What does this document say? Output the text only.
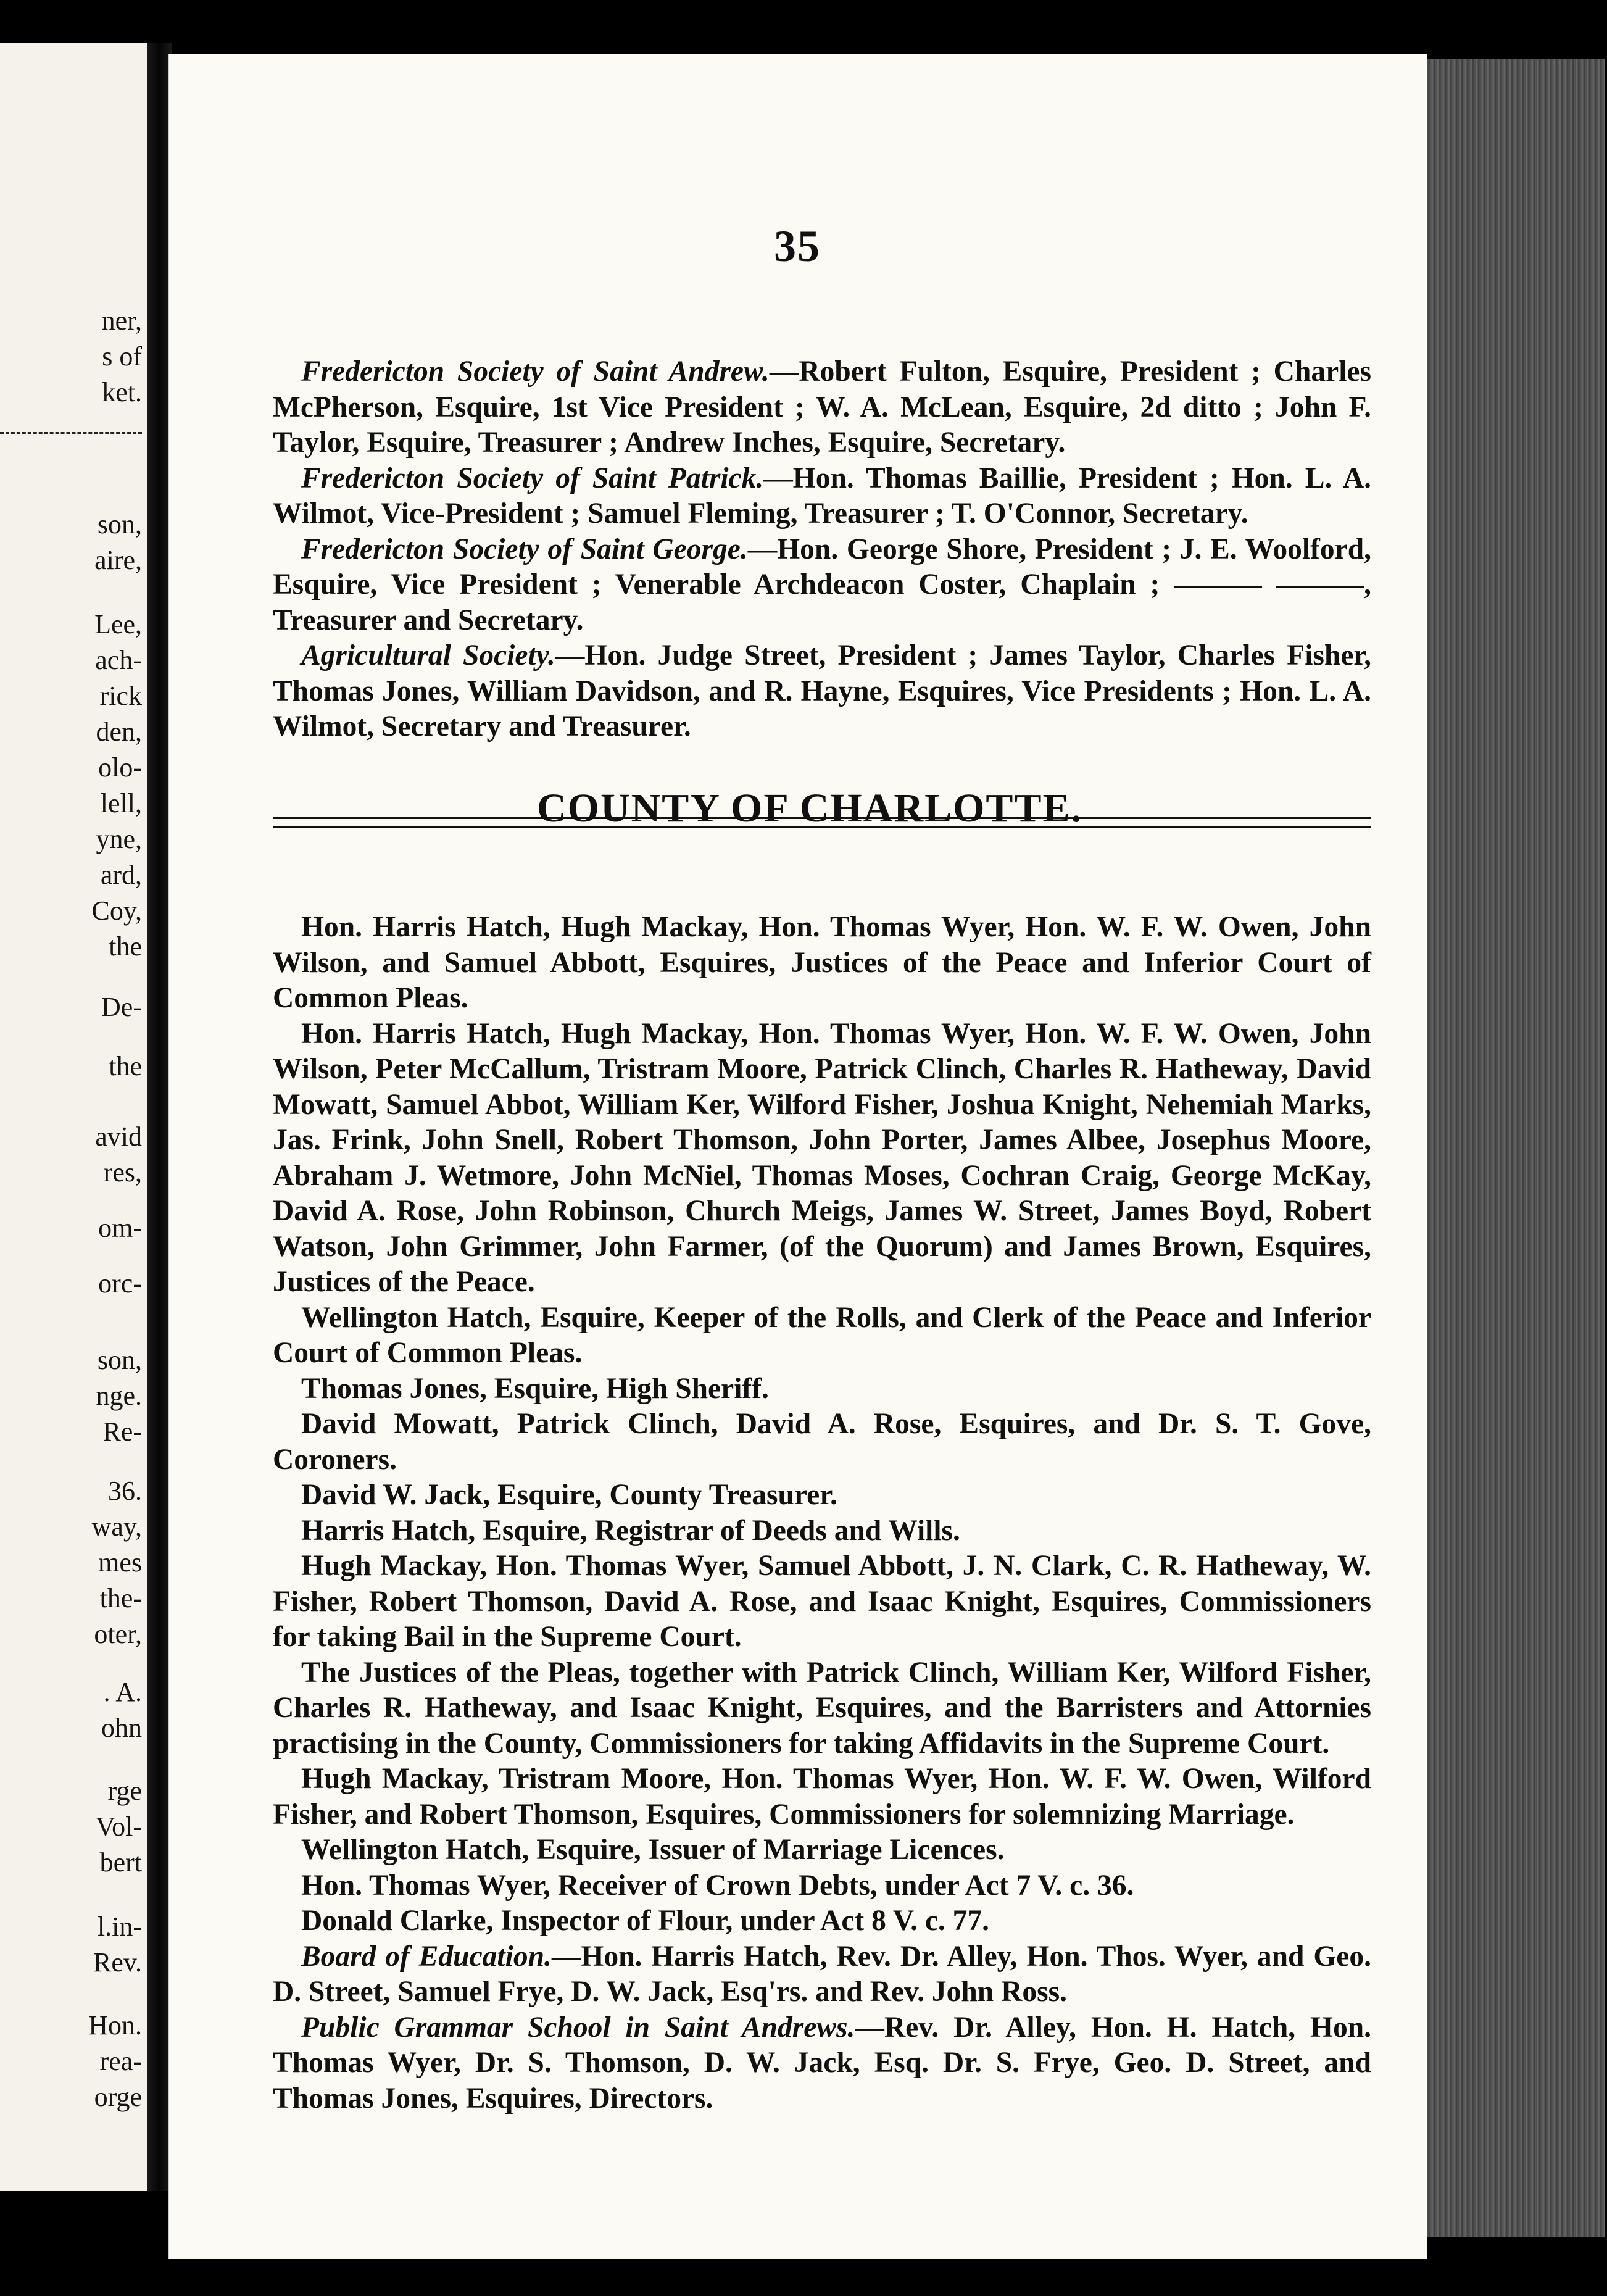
ner,
s of
ket.
son,
aire,
Lee,
ach-
rick
den,
olo-
lell,
yne,
ard,
Coy,
the
De-
the
avid
res,
om-
orc-
son,
nge.
Re-
36.
way,
mes
the-
oter,
. A.
ohn
rge
Vol-
bert
l.in-
Rev.
Hon.
rea-
orge
35

Fredericton Society of Saint Andrew.—Robert Fulton, Esquire, President ; Charles McPherson, Esquire, 1st Vice President ; W. A. McLean, Esquire, 2d ditto ; John F. Taylor, Esquire, Treasurer ; Andrew Inches, Esquire, Secretary.

Fredericton Society of Saint Patrick.—Hon. Thomas Baillie, President ; Hon. L. A. Wilmot, Vice-President ; Samuel Fleming, Treasurer ; T. O'Connor, Secretary.

Fredericton Society of Saint George.—Hon. George Shore, President ; J. E. Woolford, Esquire, Vice President ; Venerable Archdeacon Coster, Chaplain ; ——— ———, Treasurer and Secretary.

Agricultural Society.—Hon. Judge Street, President ; James Taylor, Charles Fisher, Thomas Jones, William Davidson, and R. Hayne, Esquires, Vice Presidents ; Hon. L. A. Wilmot, Secretary and Treasurer.

COUNTY OF CHARLOTTE.

Hon. Harris Hatch, Hugh Mackay, Hon. Thomas Wyer, Hon. W. F. W. Owen, John Wilson, and Samuel Abbott, Esquires, Justices of the Peace and Inferior Court of Common Pleas.

Hon. Harris Hatch, Hugh Mackay, Hon. Thomas Wyer, Hon. W. F. W. Owen, John Wilson, Peter McCallum, Tristram Moore, Patrick Clinch, Charles R. Hatheway, David Mowatt, Samuel Abbot, William Ker, Wilford Fisher, Joshua Knight, Nehemiah Marks, Jas. Frink, John Snell, Robert Thomson, John Porter, James Albee, Josephus Moore, Abraham J. Wetmore, John McNiel, Thomas Moses, Cochran Craig, George McKay, David A. Rose, John Robinson, Church Meigs, James W. Street, James Boyd, Robert Watson, John Grimmer, John Farmer, (of the Quorum) and James Brown, Esquires, Justices of the Peace.

Wellington Hatch, Esquire, Keeper of the Rolls, and Clerk of the Peace and Inferior Court of Common Pleas.

Thomas Jones, Esquire, High Sheriff.

David Mowatt, Patrick Clinch, David A. Rose, Esquires, and Dr. S. T. Gove, Coroners.

David W. Jack, Esquire, County Treasurer.

Harris Hatch, Esquire, Registrar of Deeds and Wills.

Hugh Mackay, Hon. Thomas Wyer, Samuel Abbott, J. N. Clark, C. R. Hatheway, W. Fisher, Robert Thomson, David A. Rose, and Isaac Knight, Esquires, Commissioners for taking Bail in the Supreme Court.

The Justices of the Pleas, together with Patrick Clinch, William Ker, Wilford Fisher, Charles R. Hatheway, and Isaac Knight, Esquires, and the Barristers and Attornies practising in the County, Commissioners for taking Affidavits in the Supreme Court.

Hugh Mackay, Tristram Moore, Hon. Thomas Wyer, Hon. W. F. W. Owen, Wilford Fisher, and Robert Thomson, Esquires, Commissioners for solemnizing Marriage.

Wellington Hatch, Esquire, Issuer of Marriage Licences.

Hon. Thomas Wyer, Receiver of Crown Debts, under Act 7 V. c. 36.

Donald Clarke, Inspector of Flour, under Act 8 V. c. 77.

Board of Education.—Hon. Harris Hatch, Rev. Dr. Alley, Hon. Thos. Wyer, and Geo. D. Street, Samuel Frye, D. W. Jack, Esq'rs. and Rev. John Ross.

Public Grammar School in Saint Andrews.—Rev. Dr. Alley, Hon. H. Hatch, Hon. Thomas Wyer, Dr. S. Thomson, D. W. Jack, Esq. Dr. S. Frye, Geo. D. Street, and Thomas Jones, Esquires, Directors.
